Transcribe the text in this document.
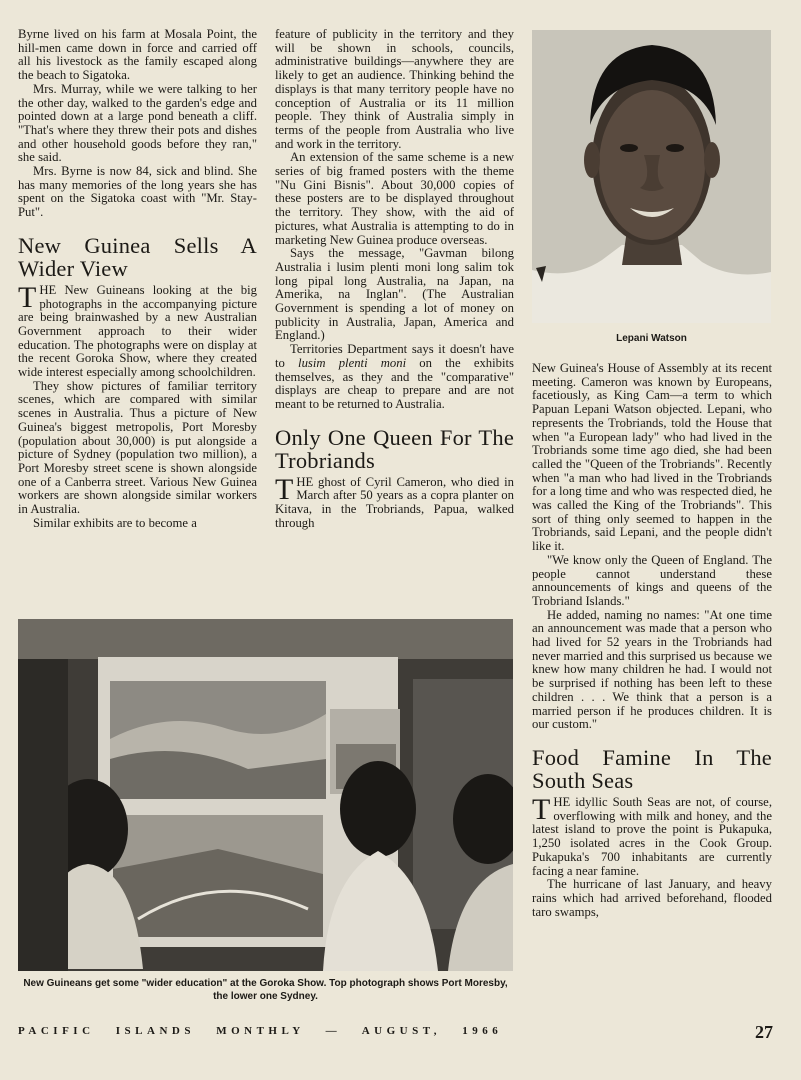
Byrne lived on his farm at Mosala Point, the hill-men came down in force and carried off all his livestock as the family escaped along the beach to Sigatoka.

Mrs. Murray, while we were talking to her the other day, walked to the garden's edge and pointed down at a large pond beneath a cliff. "That's where they threw their pots and dishes and other household goods before they ran," she said.

Mrs. Byrne is now 84, sick and blind. She has many memories of the long years she has spent on the Sigatoka coast with "Mr. Stay-Put".

New Guinea Sells A Wider View

THE New Guineans looking at the big photographs in the accompanying picture are being brainwashed by a new Australian Government approach to their wider education. The photographs were on display at the recent Goroka Show, where they created wide interest especially among schoolchildren.

They show pictures of familiar territory scenes, which are compared with similar scenes in Australia. Thus a picture of New Guinea's biggest metropolis, Port Moresby (population about 30,000) is put alongside a picture of Sydney (population two million), a Port Moresby street scene is shown alongside one of a Canberra street. Various New Guinea workers are shown alongside similar workers in Australia.

Similar exhibits are to become a

feature of publicity in the territory and they will be shown in schools, councils, administrative buildings—anywhere they are likely to get an audience. Thinking behind the displays is that many territory people have no conception of Australia or its 11 million people. They think of Australia simply in terms of the people from Australia who live and work in the territory.

An extension of the same scheme is a new series of big framed posters with the theme "Nu Gini Bisnis". About 30,000 copies of these posters are to be displayed throughout the territory. They show, with the aid of pictures, what Australia is attempting to do in marketing New Guinea produce overseas.

Says the message, "Gavman bilong Australia i lusim plenti moni long salim tok long pipal long Australia, na Japan, na Amerika, na Inglan". (The Australian Government is spending a lot of money on publicity in Australia, Japan, America and England.)

Territories Department says it doesn't have to lusim plenti moni on the exhibits themselves, as they and the "comparative" displays are cheap to prepare and are not meant to be returned to Australia.

Only One Queen For The Trobriands

THE ghost of Cyril Cameron, who died in March after 50 years as a copra planter on Kitava, in the Trobriands, Papua, walked through

Lepani Watson

New Guinea's House of Assembly at its recent meeting. Cameron was known by Europeans, facetiously, as King Cam—a term to which Papuan Lepani Watson objected. Lepani, who represents the Trobriands, told the House that when "a European lady" who had lived in the Trobriands some time ago died, she had been called the "Queen of the Trobriands". Recently when "a man who had lived in the Trobriands for a long time and who was respected died, he was called the King of the Trobriands". This sort of thing only seemed to happen in the Trobriands, said Lepani, and the people didn't like it.

"We know only the Queen of England. The people cannot understand these announcements of kings and queens of the Trobriand Islands."

He added, naming no names: "At one time an announcement was made that a person who had lived for 52 years in the Trobriands had never married and this surprised us because we knew how many children he had. I would not be surprised if nothing has been left to these children . . . We think that a person is a married person if he produces children. It is our custom."

Food Famine In The South Seas

THE idyllic South Seas are not, of course, overflowing with milk and honey, and the latest island to prove the point is Pukapuka, 1,250 isolated acres in the Cook Group. Pukapuka's 700 inhabitants are currently facing a near famine.

The hurricane of last January, and heavy rains which had arrived beforehand, flooded taro swamps,

New Guineans get some "wider education" at the Goroka Show. Top photograph shows Port Moresby, the lower one Sydney.
PACIFIC ISLANDS MONTHLY — AUGUST, 1966	27
